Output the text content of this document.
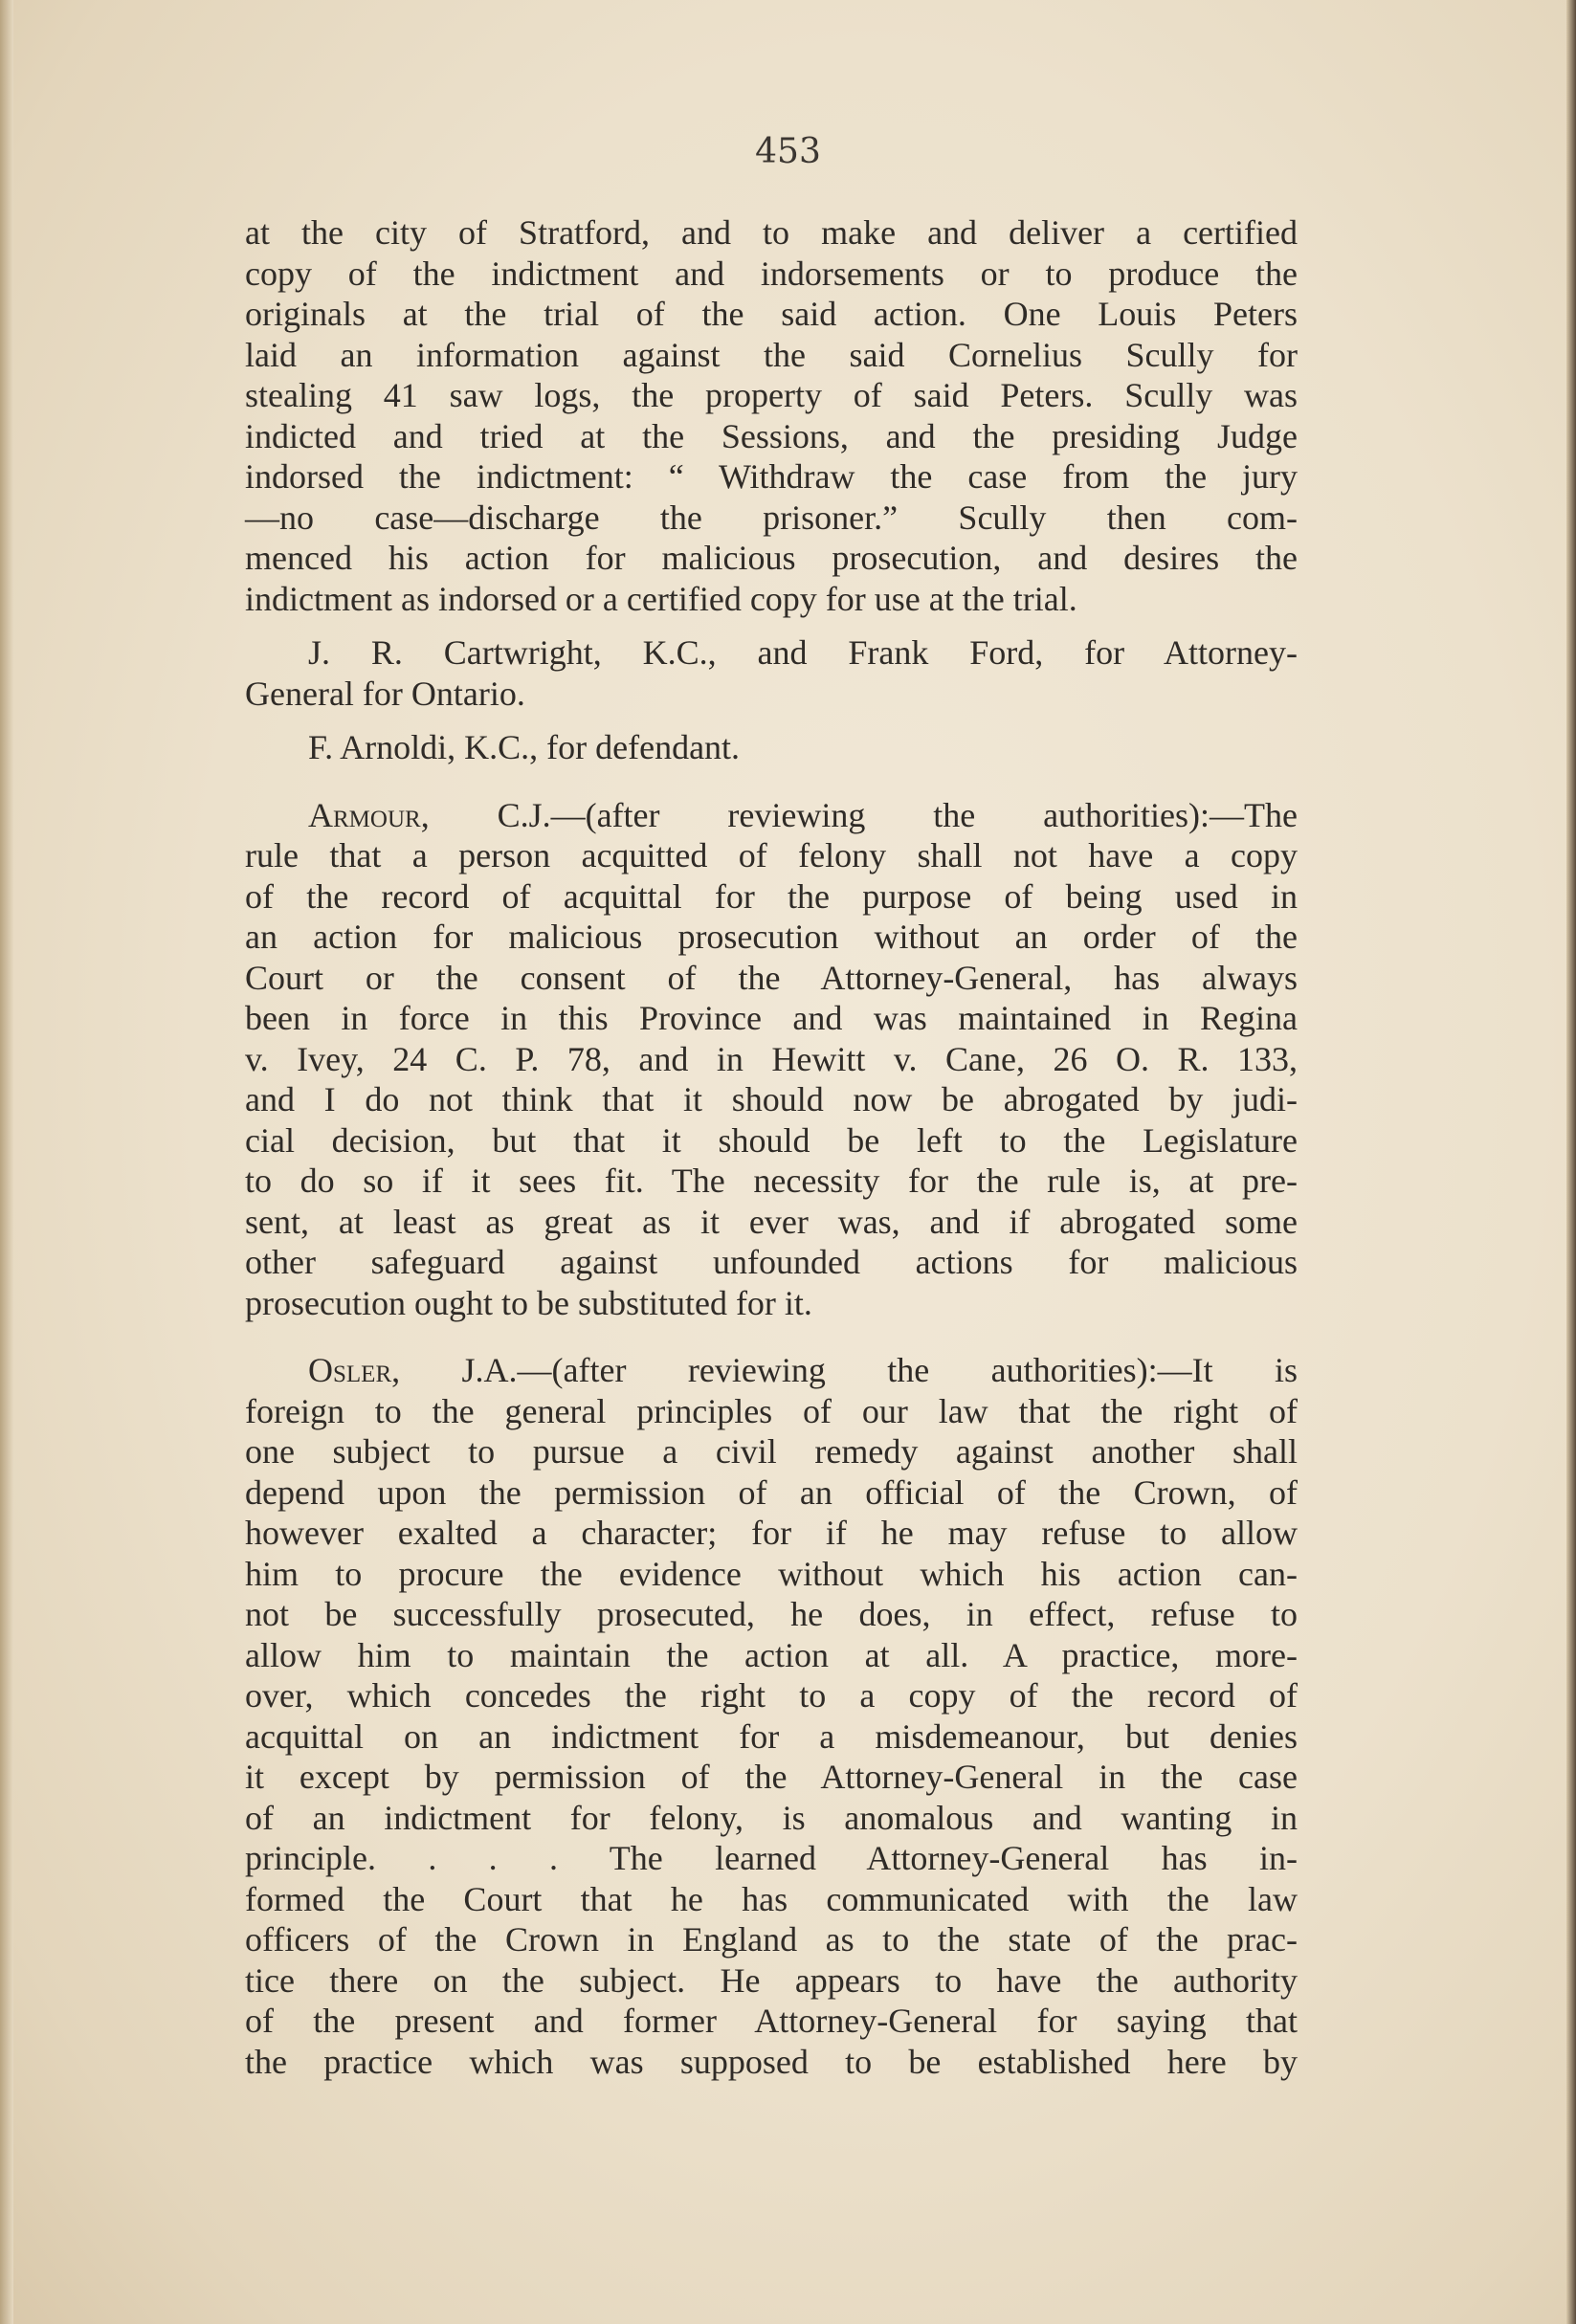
453
at the city of Stratford, and to make and deliver a certified
copy of the indictment and indorsements or to produce the
originals at the trial of the said action. One Louis Peters
laid an information against the said Cornelius Scully for
stealing 41 saw logs, the property of said Peters. Scully was
indicted and tried at the Sessions, and the presiding Judge
indorsed the indictment: “ Withdraw the case from the jury
—no case—discharge the prisoner.” Scully then com-
menced his action for malicious prosecution, and desires the
indictment as indorsed or a certified copy for use at the trial.
J. R. Cartwright, K.C., and Frank Ford, for Attorney-
General for Ontario.
F. Arnoldi, K.C., for defendant.
Armour, C.J.—(after reviewing the authorities):—The
rule that a person acquitted of felony shall not have a copy
of the record of acquittal for the purpose of being used in
an action for malicious prosecution without an order of the
Court or the consent of the Attorney-General, has always
been in force in this Province and was maintained in Regina
v. Ivey, 24 C. P. 78, and in Hewitt v. Cane, 26 O. R. 133,
and I do not think that it should now be abrogated by judi-
cial decision, but that it should be left to the Legislature
to do so if it sees fit. The necessity for the rule is, at pre-
sent, at least as great as it ever was, and if abrogated some
other safeguard against unfounded actions for malicious
prosecution ought to be substituted for it.
Osler, J.A.—(after reviewing the authorities):—It is
foreign to the general principles of our law that the right of
one subject to pursue a civil remedy against another shall
depend upon the permission of an official of the Crown, of
however exalted a character; for if he may refuse to allow
him to procure the evidence without which his action can-
not be successfully prosecuted, he does, in effect, refuse to
allow him to maintain the action at all. A practice, more-
over, which concedes the right to a copy of the record of
acquittal on an indictment for a misdemeanour, but denies
it except by permission of the Attorney-General in the case
of an indictment for felony, is anomalous and wanting in
principle. . . . The learned Attorney-General has in-
formed the Court that he has communicated with the law
officers of the Crown in England as to the state of the prac-
tice there on the subject. He appears to have the authority
of the present and former Attorney-General for saying that
the practice which was supposed to be established here by
